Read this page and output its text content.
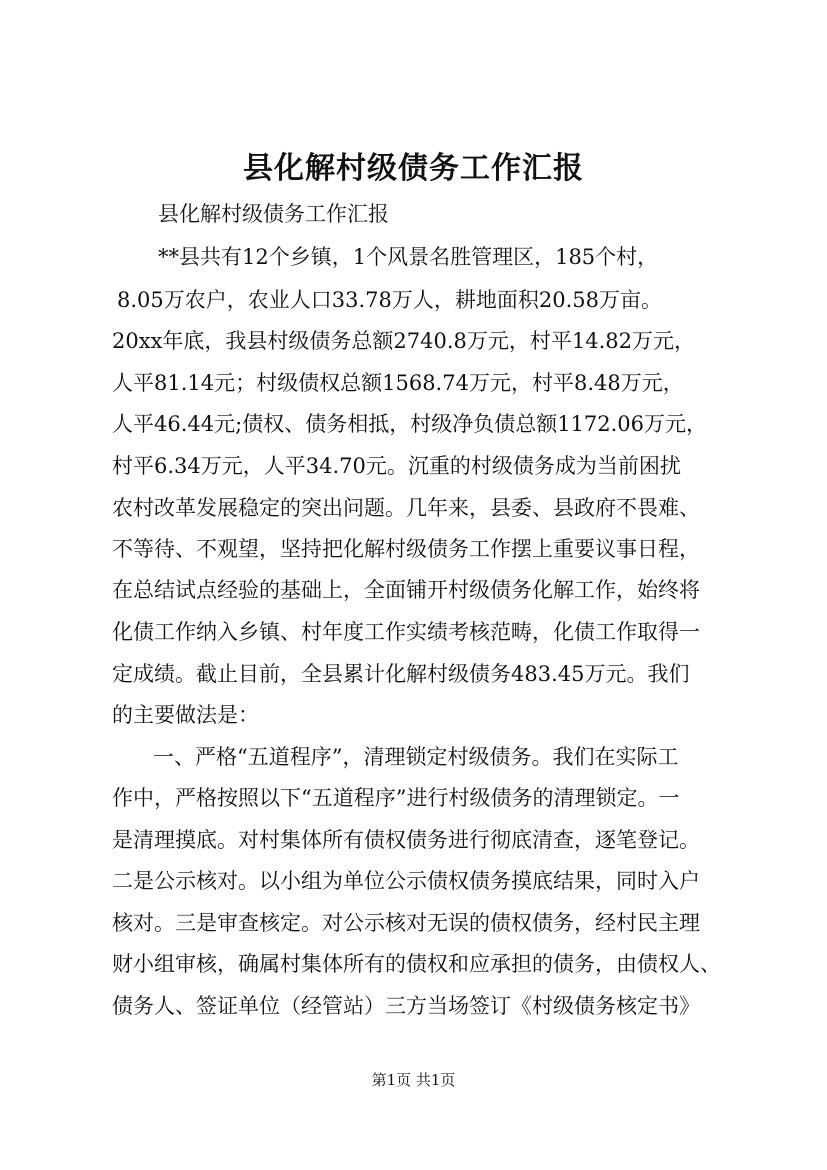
县化解村级债务工作汇报

县化解村级债务工作汇报

**县共有12个乡镇，1个风景名胜管理区，185个村，

8.05万农户，农业人口33.78万人，耕地面积20.58万亩。

20xx年底，我县村级债务总额2740.8万元，村平14.82万元，

人平81.14元；村级债权总额1568.74万元，村平8.48万元，

人平46.44元;债权、债务相抵，村级净负债总额1172.06万元，

村平6.34万元，人平34.70元。沉重的村级债务成为当前困扰

农村改革发展稳定的突出问题。几年来，县委、县政府不畏难、

不等待、不观望，坚持把化解村级债务工作摆上重要议事日程，

在总结试点经验的基础上，全面铺开村级债务化解工作，始终将

化债工作纳入乡镇、村年度工作实绩考核范畴，化债工作取得一

定成绩。截止目前，全县累计化解村级债务483.45万元。我们

的主要做法是：

一、严格“五道程序”，清理锁定村级债务。我们在实际工

作中，严格按照以下“五道程序”进行村级债务的清理锁定。一

是清理摸底。对村集体所有债权债务进行彻底清查，逐笔登记。

二是公示核对。以小组为单位公示债权债务摸底结果，同时入户

核对。三是审查核定。对公示核对无误的债权债务，经村民主理

财小组审核，确属村集体所有的债权和应承担的债务，由债权人、

债务人、签证单位（经管站）三方当场签订《村级债务核定书》

第1页 共1页
